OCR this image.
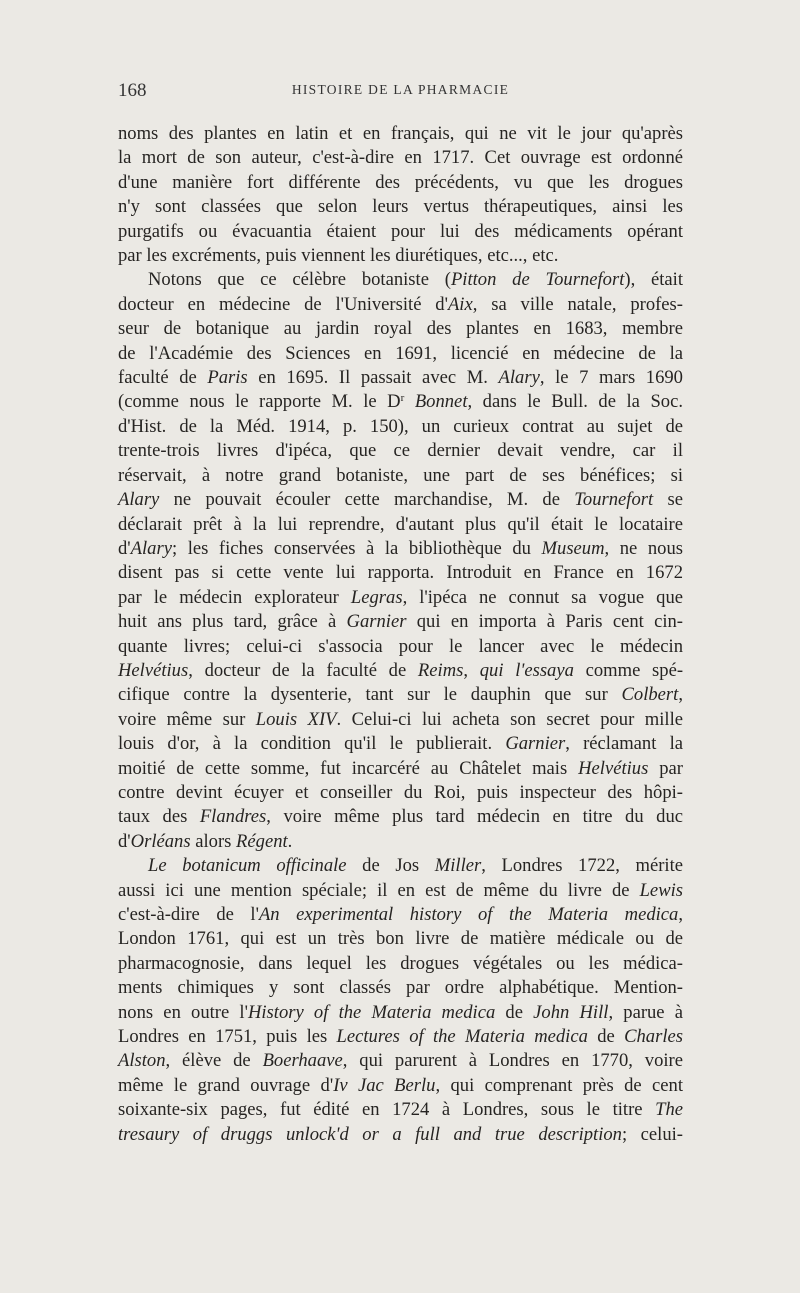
168	HISTOIRE DE LA PHARMACIE
noms des plantes en latin et en français, qui ne vit le jour qu'après
la mort de son auteur, c'est-à-dire en 1717. Cet ouvrage est ordonné
d'une manière fort différente des précédents, vu que les drogues
n'y sont classées que selon leurs vertus thérapeutiques, ainsi les
purgatifs ou évacuantia étaient pour lui des médicaments opérant
par les excréments, puis viennent les diurétiques, etc..., etc.
Notons que ce célèbre botaniste (Pitton de Tournefort), était
docteur en médecine de l'Université d'Aix, sa ville natale, profes-
seur de botanique au jardin royal des plantes en 1683, membre
de l'Académie des Sciences en 1691, licencié en médecine de la
faculté de Paris en 1695. Il passait avec M. Alary, le 7 mars 1690
(comme nous le rapporte M. le $D^r$ Bonnet, dans le Bull. de la Soc.
d'Hist. de la Méd. 1914, p. 150), un curieux contrat au sujet de
trente-trois livres d'ipéca, que ce dernier devait vendre, car il
réservait, à notre grand botaniste, une part de ses bénéfices; si
Alary ne pouvait écouler cette marchandise, M. de Tournefort se
déclarait prêt à la lui reprendre, d'autant plus qu'il était le locataire
d'Alary; les fiches conservées à la bibliothèque du Museum, ne nous
disent pas si cette vente lui rapporta. Introduit en France en 1672
par le médecin explorateur Legras, l'ipéca ne connut sa vogue que
huit ans plus tard, grâce à Garnier qui en importa à Paris cent cin-
quante livres; celui-ci s'associa pour le lancer avec le médecin
Helvétius, docteur de la faculté de Reims, qui l'essaya comme spé-
cifique contre la dysenterie, tant sur le dauphin que sur Colbert,
voire même sur Louis XIV. Celui-ci lui acheta son secret pour mille
louis d'or, à la condition qu'il le publierait. Garnier, réclamant la
moitié de cette somme, fut incarcéré au Châtelet mais Helvétius par
contre devint écuyer et conseiller du Roi, puis inspecteur des hôpi-
taux des Flandres, voire même plus tard médecin en titre du duc
d'Orléans alors Régent.
Le botanicum officinale de Jos Miller, Londres 1722, mérite
aussi ici une mention spéciale; il en est de même du livre de Lewis
c'est-à-dire de l'An experimental history of the Materia medica,
London 1761, qui est un très bon livre de matière médicale ou de
pharmacognosie, dans lequel les drogues végétales ou les médica-
ments chimiques y sont classés par ordre alphabétique. Mention-
nons en outre l'History of the Materia medica de John Hill, parue à
Londres en 1751, puis les Lectures of the Materia medica de Charles
Alston, élève de Boerhaave, qui parurent à Londres en 1770, voire
même le grand ouvrage d'Iv Jac Berlu, qui comprenant près de cent
soixante-six pages, fut édité en 1724 à Londres, sous le titre The
tresaury of druggs unlock'd or a full and true description; celui-
